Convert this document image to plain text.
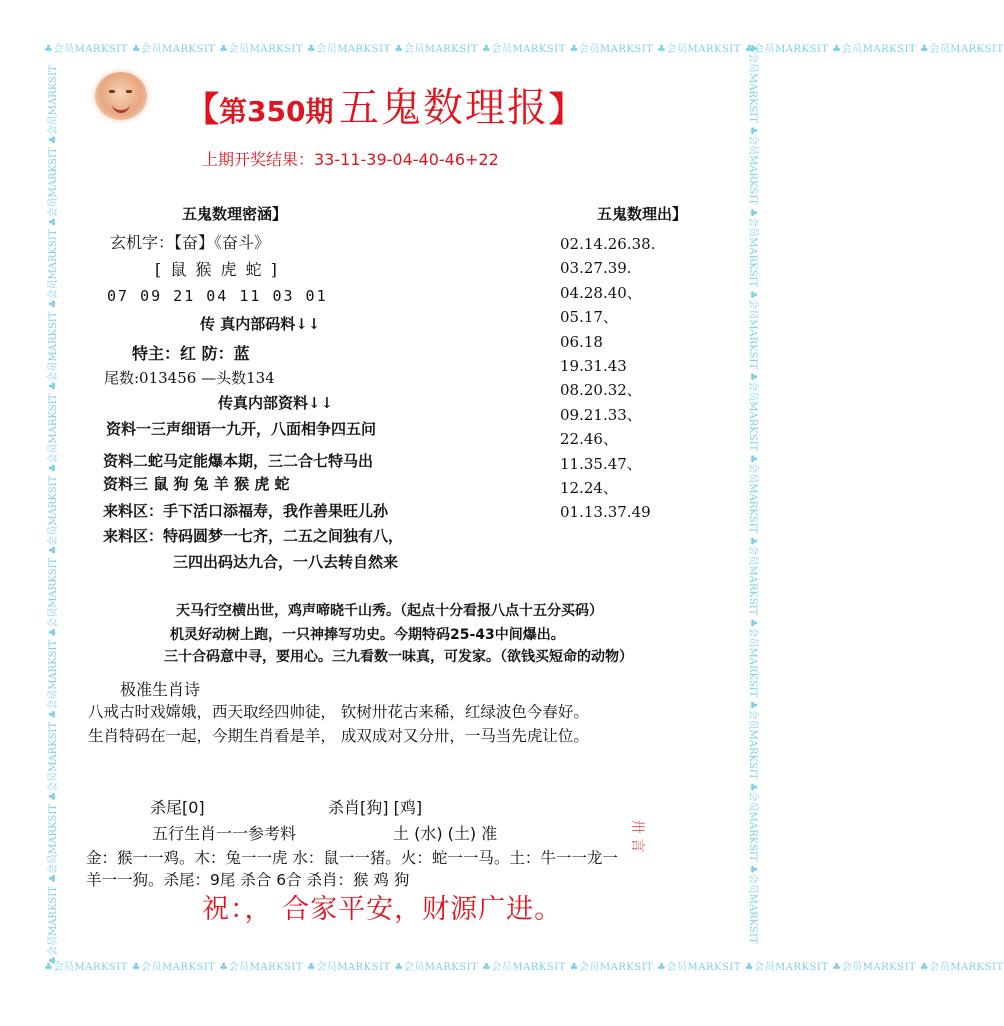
♣会员MARKSIT ♣会员MARKSIT ♣会员MARKSIT ♣会员MARKSIT ♣会员MARKSIT ♣会员MARKSIT ♣会员MARKSIT ♣会员MARKSIT ♣会员MARKSIT ♣会员MARKSIT ♣会员MARKSIT
♣会员MARKSIT ♣会员MARKSIT ♣会员MARKSIT ♣会员MARKSIT ♣会员MARKSIT ♣会员MARKSIT ♣会员MARKSIT ♣会员MARKSIT ♣会员MARKSIT ♣会员MARKSIT ♣会员MARKSIT
♣会员MARKSIT ♣会员MARKSIT ♣会员MARKSIT ♣会员MARKSIT ♣会员MARKSIT ♣会员MARKSIT ♣会员MARKSIT ♣会员MARKSIT ♣会员MARKSIT ♣会员MARKSIT ♣会员MARKSIT	♣会员MARKSIT ♣会员MARKSIT ♣会员MARKSIT ♣会员MARKSIT ♣会员MARKSIT ♣会员MARKSIT ♣会员MARKSIT ♣会员MARKSIT ♣会员MARKSIT ♣会员MARKSIT ♣会员MARKSIT
【第350期 五鬼数理报】
上期开奖结果：33-11-39-04-40-46+22
五鬼数理密涵】
玄机字：【奋】《奋斗》
[ 鼠 猴 虎 蛇 ]
07 09 21 04 11 03 01
传 真内部码料↓↓
特主：红 防：蓝
尾数:013456 —头数134
传真内部资料↓↓
资料一三声细语一九开，八面相争四五问
资料二蛇马定能爆本期，三二合七特马出
资料三 鼠 狗 兔 羊 猴 虎 蛇
来料区：手下活口添福寿，我作善果旺儿孙
来料区：特码圆梦一七齐，二五之间独有八，
三四出码达九合，一八去转自然来
五鬼数理出】
02.14.26.38.
03.27.39.
04.28.40、
05.17、
06.18
19.31.43
08.20.32、
09.21.33、
22.46、
11.35.47、
12.24、
01.13.37.49
天马行空横出世，鸡声啼晓千山秀。（起点十分看报八点十五分买码）
机灵好动树上跑，一只神捧写功史。今期特码25-43中间爆出。
三十合码意中寻，要用心。三九看数一味真，可发家。（欲钱买短命的动物）
极准生肖诗
八戒古时戏嫦娥，西天取经四帅徒， 钦树卅花古来稀，红绿波色今春好。
生肖特码在一起，今期生肖看是羊， 成双成对又分卅，一马当先虎让位。
杀尾[0]	杀肖[狗] [鸡]
五行生肖一一参考料	土 (水) (土) 准
金：猴一一鸡。木：兔一一虎 水：鼠一一猪。火：蛇一一马。土：牛一一龙一
羊一一狗。杀尾：9尾 杀合 6合 杀肖：猴 鸡 狗
卅 言
祝：， 合家平安，财源广进。
